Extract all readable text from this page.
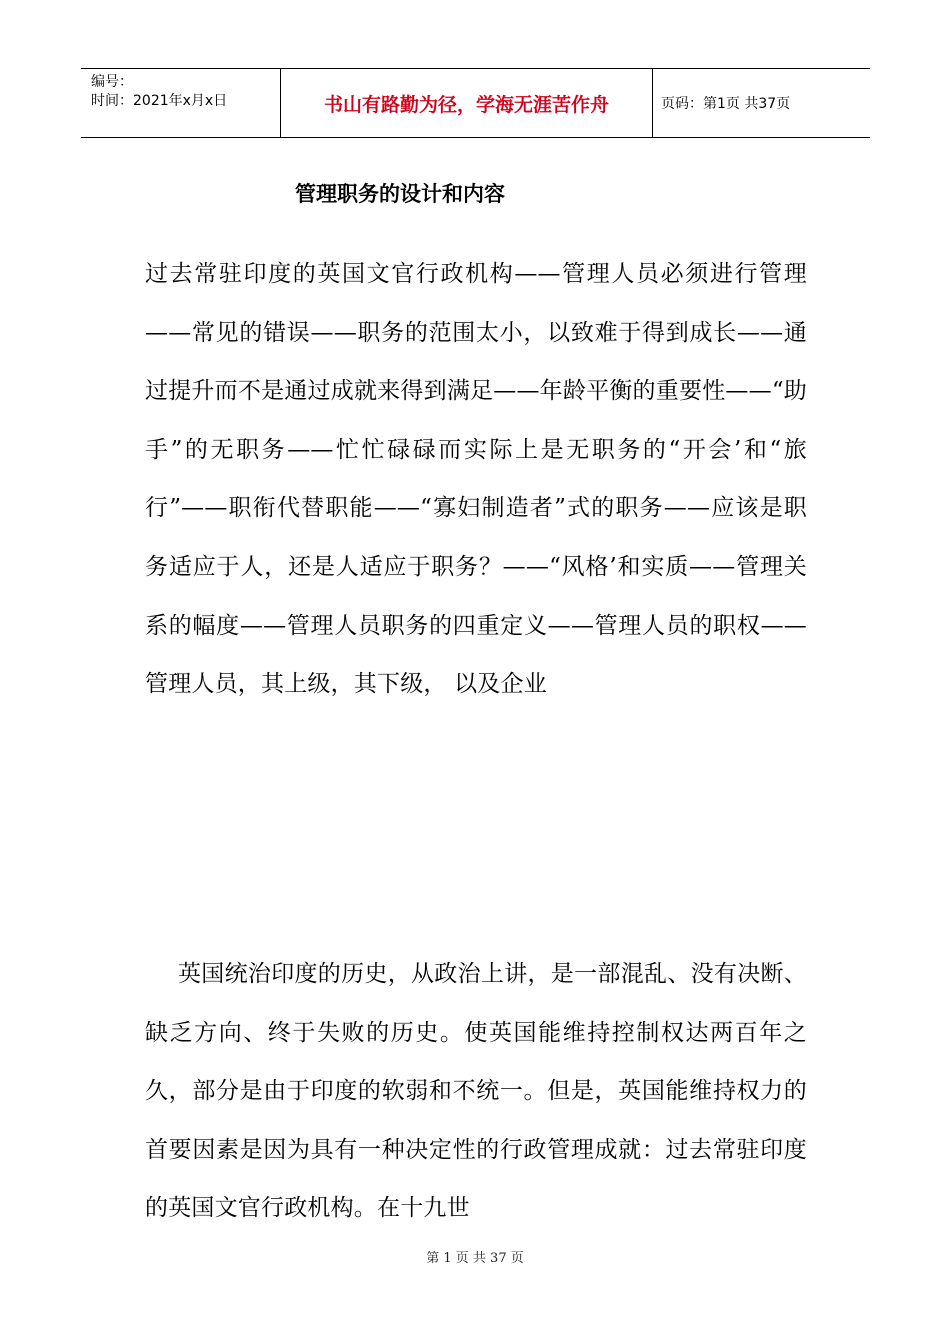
编号：
时间：2021年x月x日	书山有路勤为径，学海无涯苦作舟	页码：第1页 共37页
管理职务的设计和内容
过去常驻印度的英国文官行政机构——管理人员必须进行管理——常见的错误——职务的范围太小，以致难于得到成长——通过提升而不是通过成就来得到满足——年龄平衡的重要性——“助手”的无职务——忙忙碌碌而实际上是无职务的“开会’和“旅行”——职衔代替职能——“寡妇制造者”式的职务——应该是职务适应于人，还是人适应于职务？——“风格’和实质——管理关系的幅度——管理人员职务的四重定义——管理人员的职权——管理人员，其上级，其下级， 以及企业
英国统治印度的历史，从政治上讲，是一部混乱、没有决断、缺乏方向、终于失败的历史。使英国能维持控制权达两百年之久，部分是由于印度的软弱和不统一。但是，英国能维持权力的首要因素是因为具有一种决定性的行政管理成就：过去常驻印度的英国文官行政机构。在十九世
第 1 页 共 37 页
